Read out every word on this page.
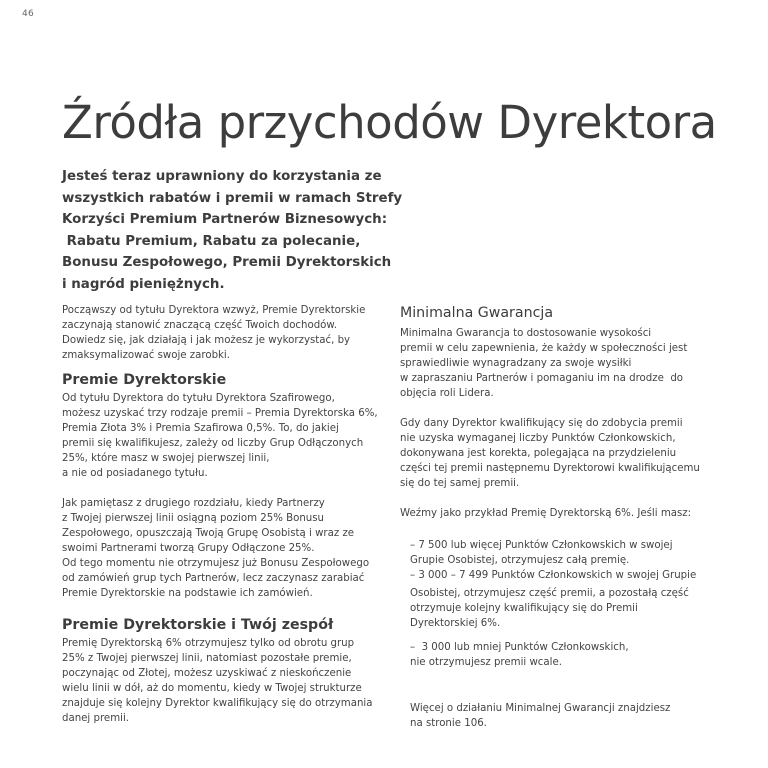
46
Źródła przychodów Dyrektora
Jesteś teraz uprawniony do korzystania ze
wszystkich rabatów i premii w ramach Strefy
Korzyści Premium Partnerów Biznesowych:
Rabatu Premium, Rabatu za polecanie,
Bonusu Zespołowego, Premii Dyrektorskich
i nagród pieniężnych.

Począwszy od tytułu Dyrektora wzwyż, Premie Dyrektorskie
zaczynają stanowić znaczącą część Twoich dochodów.
Dowiedz się, jak działają i jak możesz je wykorzystać, by
zmaksymalizować swoje zarobki.

Premie Dyrektorskie

Od tytułu Dyrektora do tytułu Dyrektora Szafirowego,
możesz uzyskać trzy rodzaje premii – Premia Dyrektorska 6%,
Premia Złota 3% i Premia Szafirowa 0,5%. To, do jakiej
premii się kwalifikujesz, zależy od liczby Grup Odłączonych
25%, które masz w swojej pierwszej linii,
a nie od posiadanego tytułu.

Jak pamiętasz z drugiego rozdziału, kiedy Partnerzy
z Twojej pierwszej linii osiągną poziom 25% Bonusu
Zespołowego, opuszczają Twoją Grupę Osobistą i wraz ze
swoimi Partnerami tworzą Grupy Odłączone 25%.
Od tego momentu nie otrzymujesz już Bonusu Zespołowego
od zamówień grup tych Partnerów, lecz zaczynasz zarabiać
Premie Dyrektorskie na podstawie ich zamówień.

Premie Dyrektorskie i Twój zespół

Premię Dyrektorską 6% otrzymujesz tylko od obrotu grup
25% z Twojej pierwszej linii, natomiast pozostałe premie,
poczynając od Złotej, możesz uzyskiwać z nieskończenie
wielu linii w dół, aż do momentu, kiedy w Twojej strukturze
znajduje się kolejny Dyrektor kwalifikujący się do otrzymania
danej premii.

Minimalna Gwarancja

Minimalna Gwarancja to dostosowanie wysokości
premii w celu zapewnienia, że każdy w społeczności jest
sprawiedliwie wynagradzany za swoje wysiłki
w zapraszaniu Partnerów i pomaganiu im na drodze  do
objęcia roli Lidera.

Gdy dany Dyrektor kwalifikujący się do zdobycia premii
nie uzyska wymaganej liczby Punktów Członkowskich,
dokonywana jest korekta, polegająca na przydzieleniu
części tej premii następnemu Dyrektorowi kwalifikującemu
się do tej samej premii.

Weźmy jako przykład Premię Dyrektorską 6%. Jeśli masz:

– 7 500 lub więcej Punktów Członkowskich w swojej
Grupie Osobistej, otrzymujesz całą premię.
– 3 000 – 7 499 Punktów Członkowskich w swojej Grupie

Osobistej, otrzymujesz część premii, a pozostałą część
otrzymuje kolejny kwalifikujący się do Premii
Dyrektorskiej 6%.

–  3 000 lub mniej Punktów Członkowskich,
nie otrzymujesz premii wcale.

Więcej o działaniu Minimalnej Gwarancji znajdziesz
na stronie 106.
